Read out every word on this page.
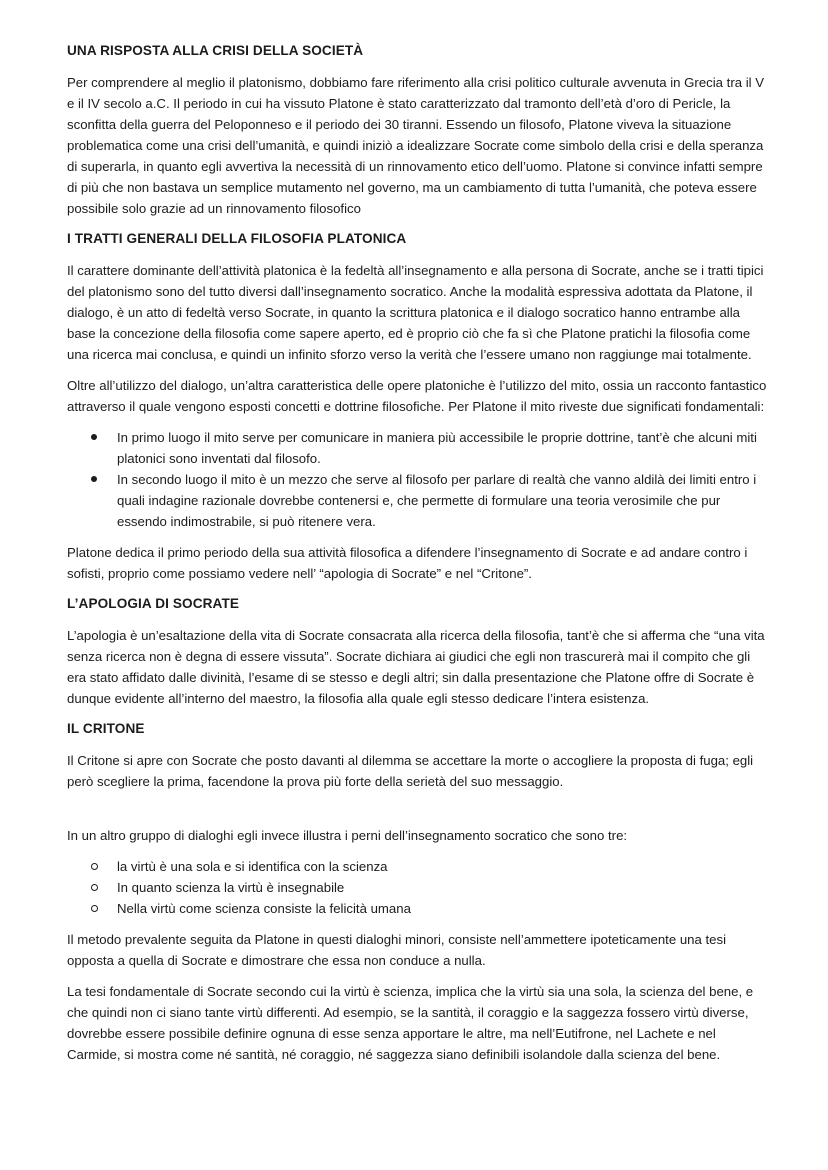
UNA RISPOSTA ALLA CRISI DELLA SOCIETÀ

Per comprendere al meglio il platonismo, dobbiamo fare riferimento alla crisi politico culturale avvenuta in Grecia tra il V e il IV secolo a.C. Il periodo in cui ha vissuto Platone è stato caratterizzato dal tramonto dell’età d’oro di Pericle, la sconfitta della guerra del Peloponneso e il periodo dei 30 tiranni. Essendo un filosofo, Platone viveva la situazione problematica come una crisi dell’umanità, e quindi iniziò a idealizzare Socrate come simbolo della crisi e della speranza di superarla, in quanto egli avvertiva la necessità di un rinnovamento etico dell’uomo. Platone si convince infatti sempre di più che non bastava un semplice mutamento nel governo, ma un cambiamento di tutta l’umanità, che poteva essere possibile solo grazie ad un rinnovamento filosofico

I TRATTI GENERALI DELLA FILOSOFIA PLATONICA

Il carattere dominante dell’attività platonica è la fedeltà all’insegnamento e alla persona di Socrate, anche se i tratti tipici del platonismo sono del tutto diversi dall’insegnamento socratico. Anche la modalità espressiva adottata da Platone, il dialogo, è un atto di fedeltà verso Socrate, in quanto la scrittura platonica e il dialogo socratico hanno entrambe alla base la concezione della filosofia come sapere aperto, ed è proprio ciò che fa sì che Platone pratichi la filosofia come una ricerca mai conclusa, e quindi un infinito sforzo verso la verità che l’essere umano non raggiunge mai totalmente.

Oltre all’utilizzo del dialogo, un’altra caratteristica delle opere platoniche è l’utilizzo del mito, ossia un racconto fantastico attraverso il quale vengono esposti concetti e dottrine filosofiche. Per Platone il mito riveste due significati fondamentali:

In primo luogo il mito serve per comunicare in maniera più accessibile le proprie dottrine, tant’è che alcuni miti platonici sono inventati dal filosofo.
In secondo luogo il mito è un mezzo che serve al filosofo per parlare di realtà che vanno aldilà dei limiti entro i quali indagine razionale dovrebbe contenersi e, che permette di formulare una teoria verosimile che pur essendo indimostrabile, si può ritenere vera.

Platone dedica il primo periodo della sua attività filosofica a difendere l’insegnamento di Socrate e ad andare contro i sofisti, proprio come possiamo vedere nell’ “apologia di Socrate” e nel “Critone”.

L’APOLOGIA DI SOCRATE

L’apologia è un’esaltazione della vita di Socrate consacrata alla ricerca della filosofia, tant’è che si afferma che “una vita senza ricerca non è degna di essere vissuta”. Socrate dichiara ai giudici che egli non trascurerà mai il compito che gli era stato affidato dalle divinità, l’esame di se stesso e degli altri; sin dalla presentazione che Platone offre di Socrate è dunque evidente all’interno del maestro, la filosofia alla quale egli stesso dedicare l’intera esistenza.

IL CRITONE

Il Critone si apre con Socrate che posto davanti al dilemma se accettare la morte o accogliere la proposta di fuga; egli però scegliere la prima, facendone la prova più forte della serietà del suo messaggio.

In un altro gruppo di dialoghi egli invece illustra i perni dell’insegnamento socratico che sono tre:

la virtù è una sola e si identifica con la scienza
In quanto scienza la virtù è insegnabile
Nella virtù come scienza consiste la felicità umana

Il metodo prevalente seguita da Platone in questi dialoghi minori, consiste nell’ammettere ipoteticamente una tesi opposta a quella di Socrate e dimostrare che essa non conduce a nulla.

La tesi fondamentale di Socrate secondo cui la virtù è scienza, implica che la virtù sia una sola, la scienza del bene, e che quindi non ci siano tante virtù differenti. Ad esempio, se la santità, il coraggio e la saggezza fossero virtù diverse, dovrebbe essere possibile definire ognuna di esse senza apportare le altre, ma nell’Eutifrone, nel Lachete e nel Carmide, si mostra come né santità, né coraggio, né saggezza siano definibili isolandole dalla scienza del bene.
